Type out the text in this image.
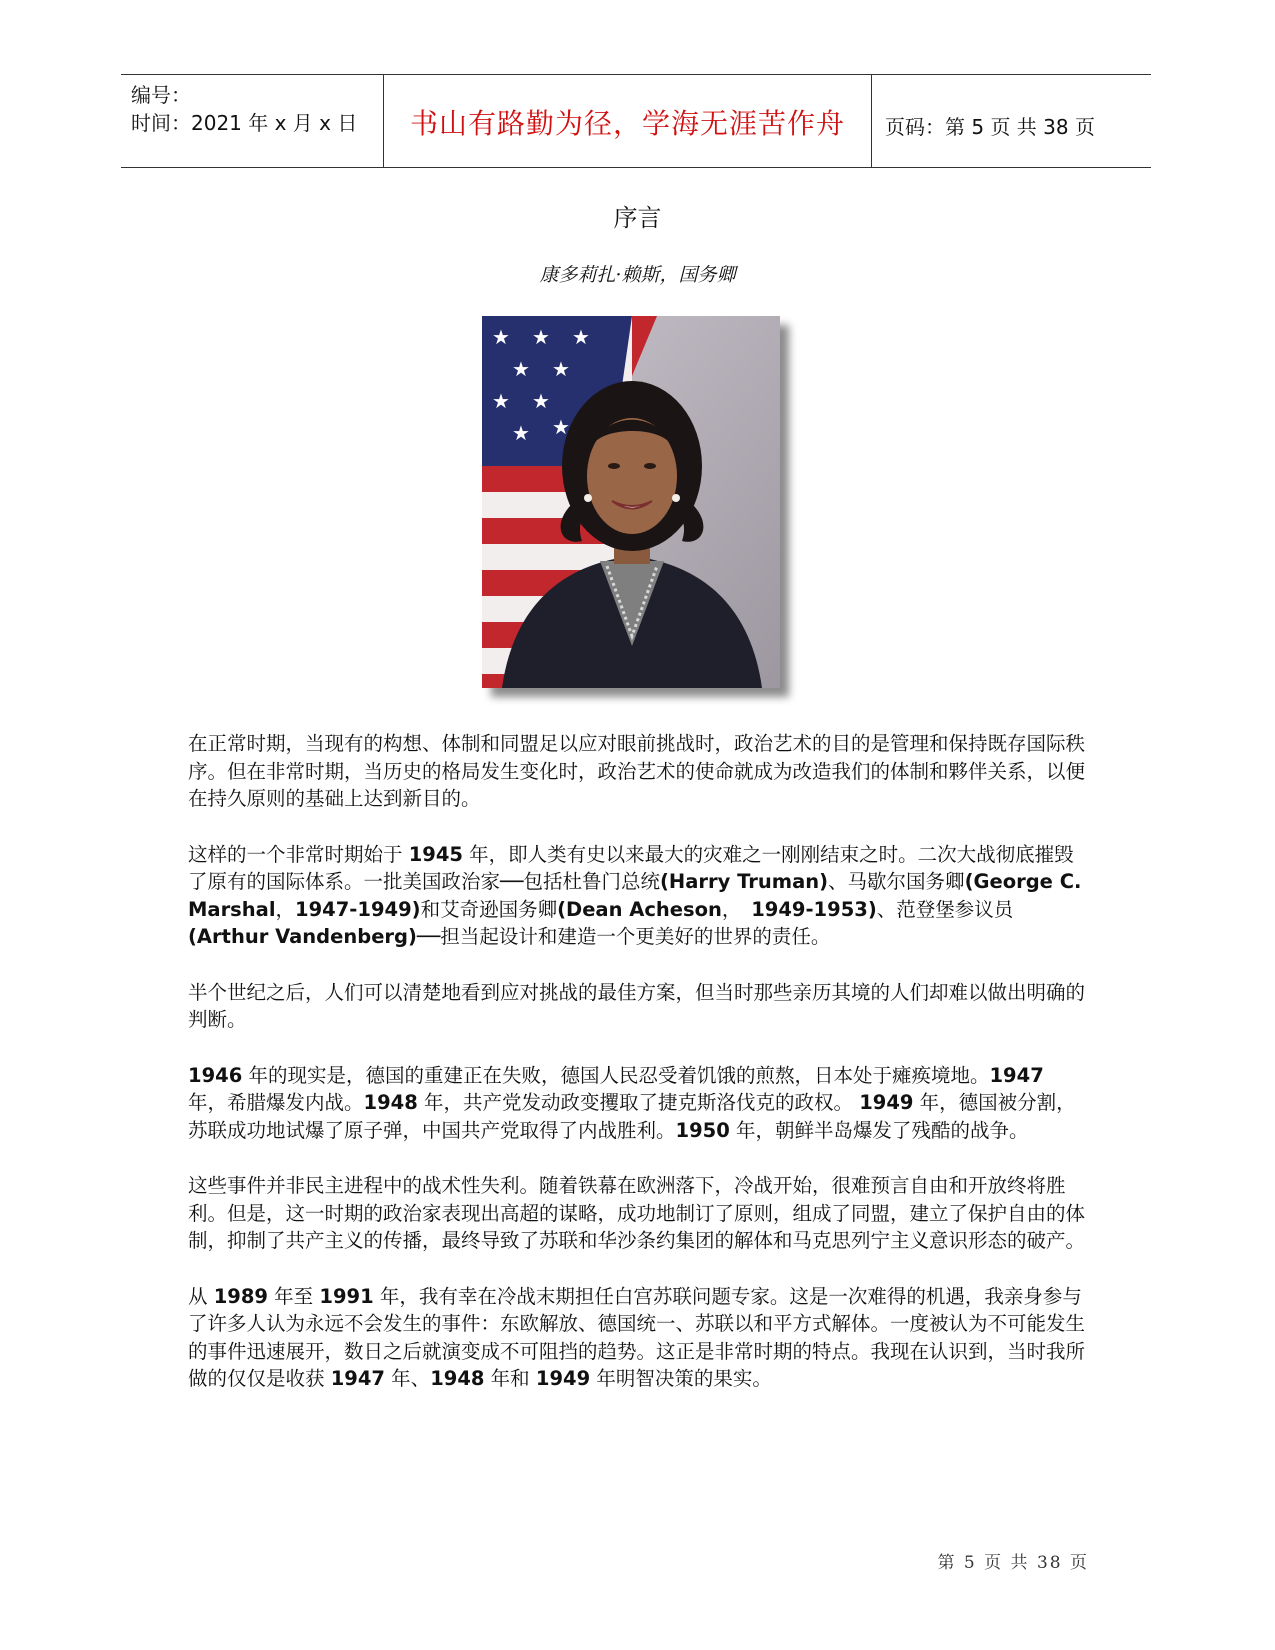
编号：
时间：2021 年 x 月 x 日	书山有路勤为径，学海无涯苦作舟	页码：第 5 页 共 38 页
序言
康多莉扎·赖斯，国务卿
★ ★ ★
★ ★
★ ★
★ ★

在正常时期，当现有的构想、体制和同盟足以应对眼前挑战时，政治艺术的目的是管理和保持既存国际秩序。但在非常时期，当历史的格局发生变化时，政治艺术的使命就成为改造我们的体制和夥伴关系，以便在持久原则的基础上达到新目的。

这样的一个非常时期始于 1945 年，即人类有史以来最大的灾难之一刚刚结束之时。二次大战彻底摧毁了原有的国际体系。一批美国政治家──包括杜鲁门总统(Harry Truman)、马歇尔国务卿(George C. Marshal，1947-1949)和艾奇逊国务卿(Dean Acheson，　1949-1953)、范登堡参议员(Arthur Vandenberg)──担当起设计和建造一个更美好的世界的责任。

半个世纪之后，人们可以清楚地看到应对挑战的最佳方案，但当时那些亲历其境的人们却难以做出明确的判断。

1946 年的现实是，德国的重建正在失败，德国人民忍受着饥饿的煎熬，日本处于瘫痪境地。1947 年，希腊爆发内战。1948 年，共产党发动政变攫取了捷克斯洛伐克的政权。 1949 年，德国被分割，苏联成功地试爆了原子弹，中国共产党取得了内战胜利。1950 年，朝鲜半岛爆发了残酷的战争。

这些事件并非民主进程中的战术性失利。随着铁幕在欧洲落下，冷战开始，很难预言自由和开放终将胜利。但是，这一时期的政治家表现出高超的谋略，成功地制订了原则，组成了同盟，建立了保护自由的体制，抑制了共产主义的传播，最终导致了苏联和华沙条约集团的解体和马克思列宁主义意识形态的破产。

从 1989 年至 1991 年，我有幸在冷战末期担任白宫苏联问题专家。这是一次难得的机遇，我亲身参与了许多人认为永远不会发生的事件：东欧解放、德国统一、苏联以和平方式解体。一度被认为不可能发生的事件迅速展开，数日之后就演变成不可阻挡的趋势。这正是非常时期的特点。我现在认识到，当时我所做的仅仅是收获 1947 年、1948 年和 1949 年明智决策的果实。

第 5 页 共 38 页
